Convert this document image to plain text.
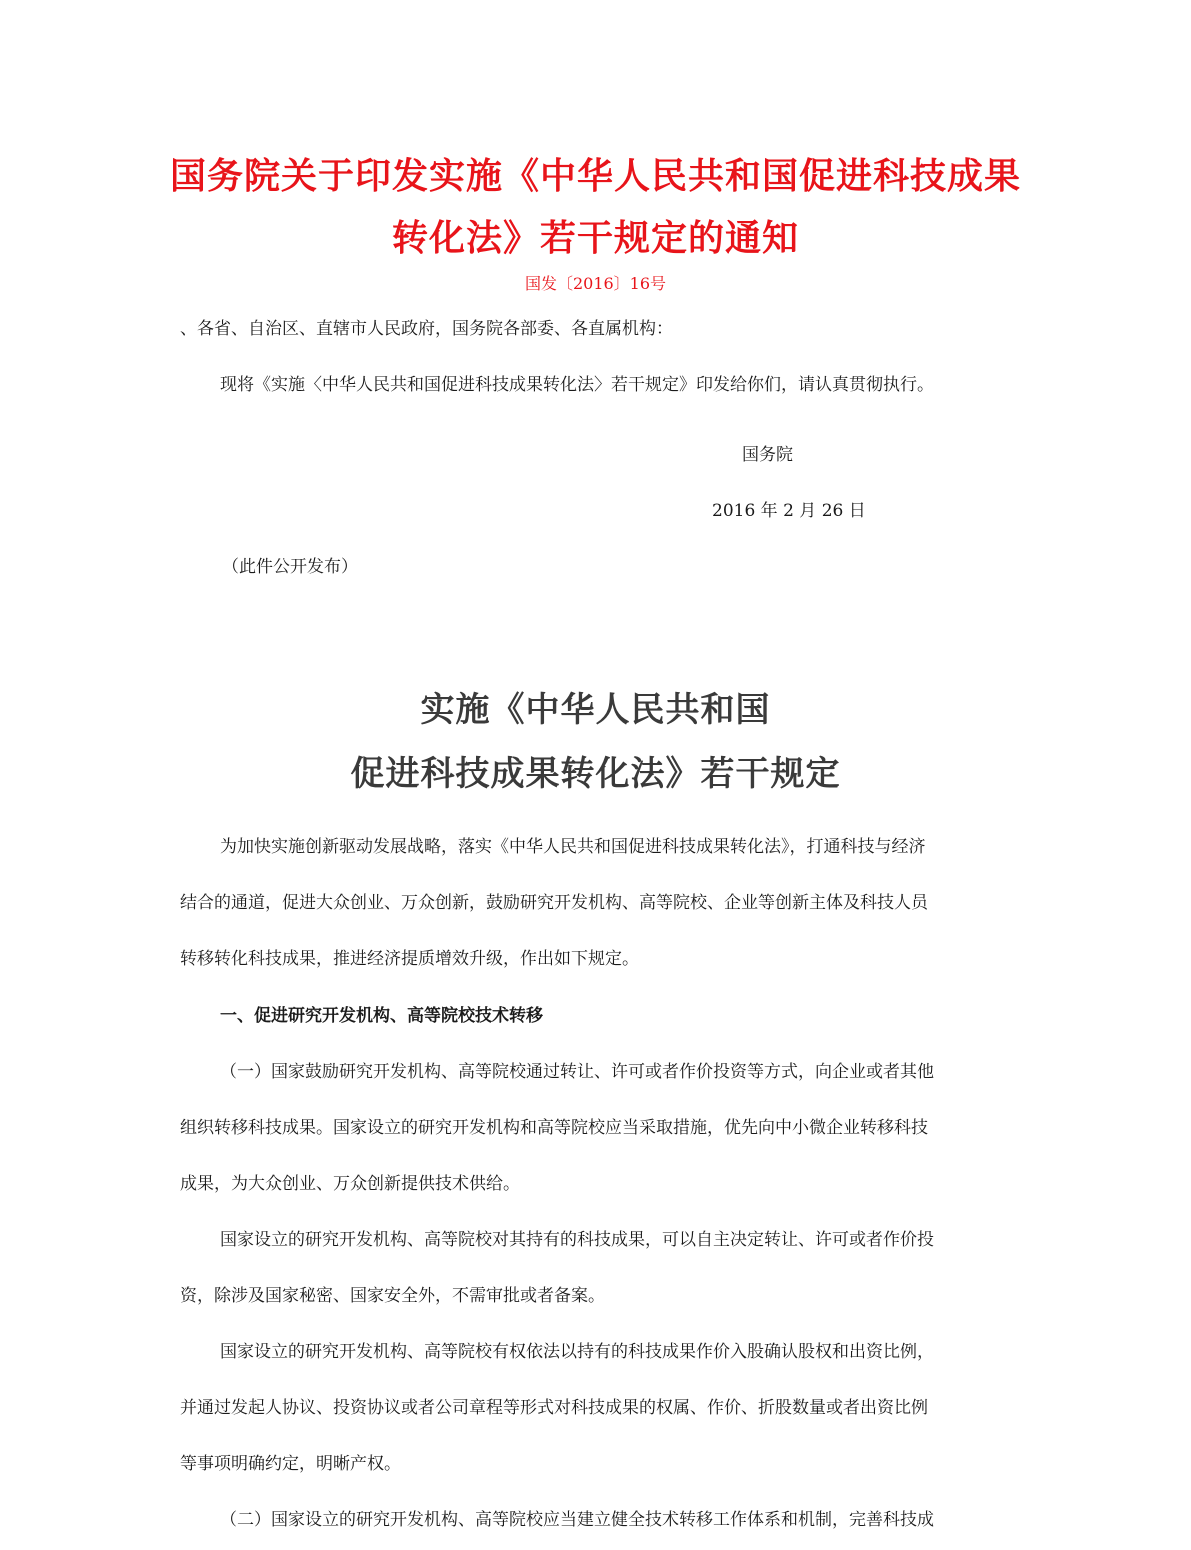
国务院关于印发实施《中华人民共和国促进科技成果
转化法》若干规定的通知
国发〔2016〕16号
、各省、自治区、直辖市人民政府，国务院各部委、各直属机构：
现将《实施〈中华人民共和国促进科技成果转化法〉若干规定》印发给你们，请认真贯彻执行。
国务院
2016 年 2 月 26 日
（此件公开发布）
实施《中华人民共和国
促进科技成果转化法》若干规定
为加快实施创新驱动发展战略，落实《中华人民共和国促进科技成果转化法》，打通科技与经济
结合的通道，促进大众创业、万众创新，鼓励研究开发机构、高等院校、企业等创新主体及科技人员
转移转化科技成果，推进经济提质增效升级，作出如下规定。
一、促进研究开发机构、高等院校技术转移
（一）国家鼓励研究开发机构、高等院校通过转让、许可或者作价投资等方式，向企业或者其他
组织转移科技成果。国家设立的研究开发机构和高等院校应当采取措施，优先向中小微企业转移科技
成果，为大众创业、万众创新提供技术供给。
国家设立的研究开发机构、高等院校对其持有的科技成果，可以自主决定转让、许可或者作价投
资，除涉及国家秘密、国家安全外，不需审批或者备案。
国家设立的研究开发机构、高等院校有权依法以持有的科技成果作价入股确认股权和出资比例，
并通过发起人协议、投资协议或者公司章程等形式对科技成果的权属、作价、折股数量或者出资比例
等事项明确约定，明晰产权。
（二）国家设立的研究开发机构、高等院校应当建立健全技术转移工作体系和机制，完善科技成
